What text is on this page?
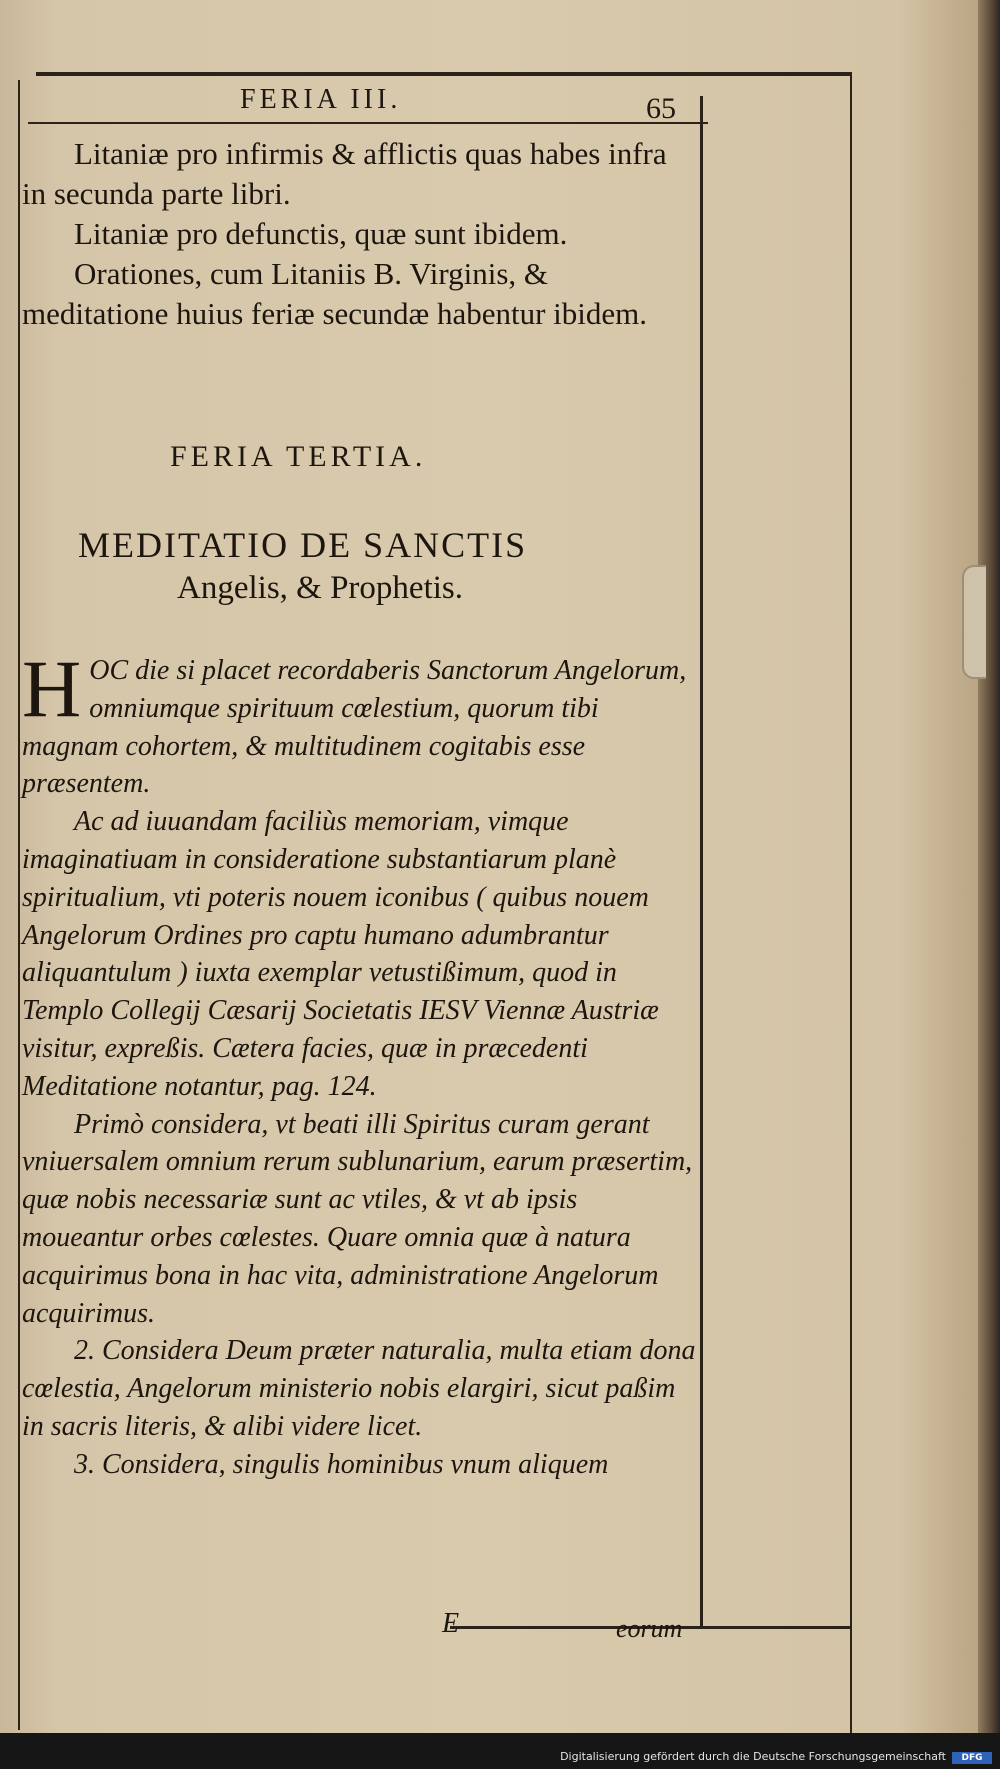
FERIA III.	65

Litaniæ pro infirmis & afflictis quas habes infra in secunda parte libri.

Litaniæ pro defunctis, quæ sunt ibidem.

Orationes, cum Litaniis B. Virginis, & meditatione huius feriæ secundæ habentur ibidem.

FERIA TERTIA.
MEDITATIO DE SANCTIS
Angelis, & Prophetis.

H OC die si placet recordaberis Sanctorum Angelorum, omniumque spirituum cœlestium, quorum tibi magnam cohortem, & multitudinem cogitabis esse præsentem.

Ac ad iuuandam faciliùs memoriam, vimque imaginatiuam in consideratione substantiarum planè spiritualium, vti poteris nouem iconibus ( quibus nouem Angelorum Ordines pro captu humano adumbrantur aliquantulum ) iuxta exemplar vetustißimum, quod in Templo Collegij Cæsarij Societatis IESV Viennæ Austriæ visitur, expreßis. Cætera facies, quæ in præcedenti Meditatione notantur, pag. 124.

Primò considera, vt beati illi Spiritus curam gerant vniuersalem omnium rerum sublunarium, earum præsertim, quæ nobis necessariæ sunt ac vtiles, & vt ab ipsis moueantur orbes cœlestes. Quare omnia quæ à natura acquirimus bona in hac vita, administratione Angelorum acquirimus.

2. Considera Deum præter naturalia, multa etiam dona cœlestia, Angelorum ministerio nobis elargiri, sicut paßim in sacris literis, & alibi videre licet.

3. Considera, singulis hominibus vnum aliquem

E	eorum
Digitalisierung gefördert durch die Deutsche Forschungsgemeinschaft	DFG
